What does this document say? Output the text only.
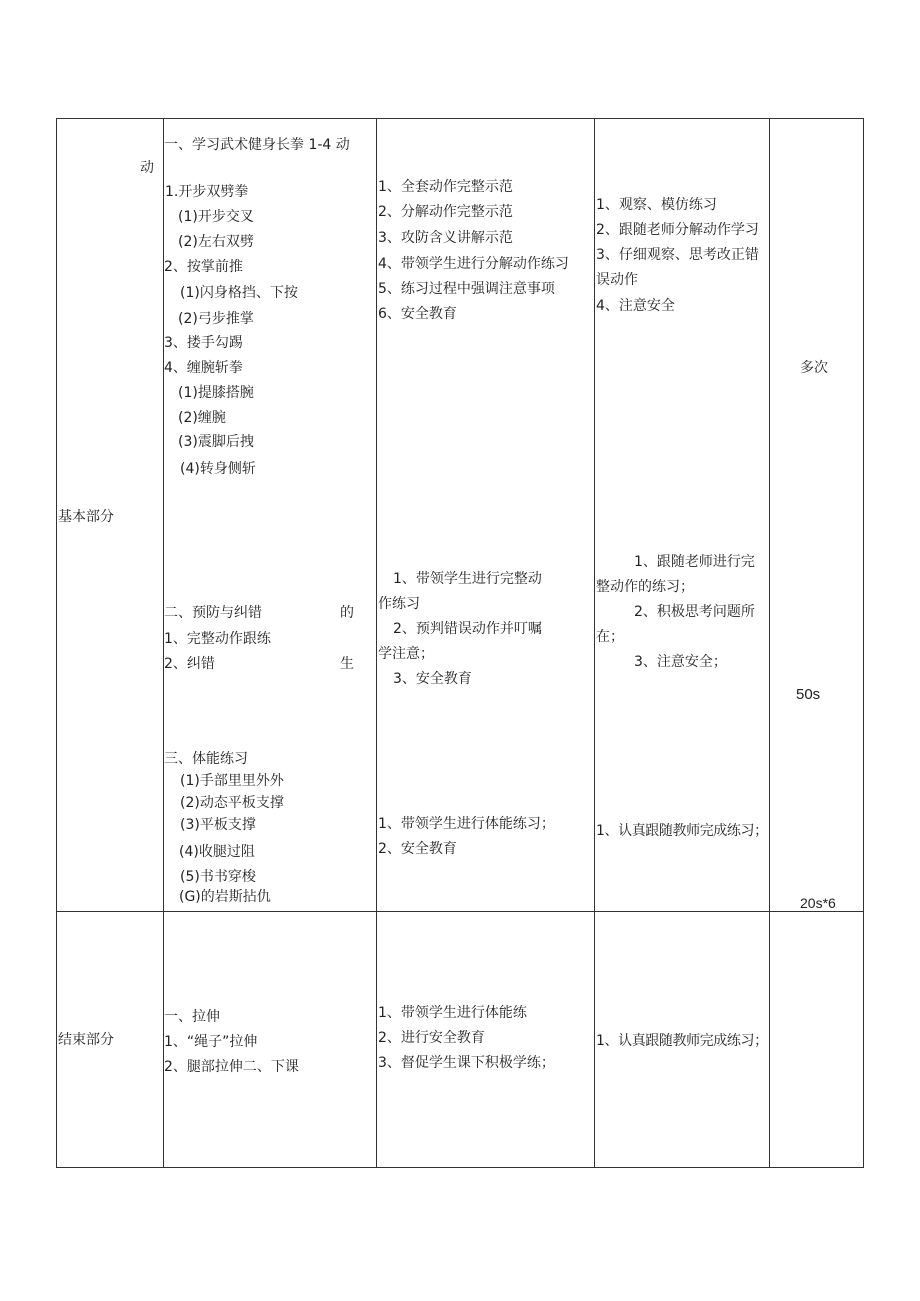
基本部分
一、学习武术健身长拳 1-4 动
动
1.开步双劈拳
(1)开步交叉
(2)左右双劈
2、按掌前推
(1)闪身格挡、下按
(2)弓步推掌
3、搂手勾踢
4、缠腕斩拳
(1)提膝搭腕
(2)缠腕
(3)震脚后拽
(4)转身侧斩
二、预防与纠错	的
1、完整动作跟练
2、纠错	生
三、体能练习
(1)手部里里外外
(2)动态平板支撑
(3)平板支撑
(4)收腿过阻
(5)书书穿梭
(G)的岩斯拈仇
1、全套动作完整示范
2、分解动作完整示范
3、攻防含义讲解示范
4、带领学生进行分解动作练习
5、练习过程中强调注意事项
6、安全教育
1、带领学生进行完整动
作练习
2、预判错误动作并叮嘱
学注意；
3、安全教育
1、带领学生进行体能练习；
2、安全教育
1、观察、模仿练习
2、跟随老师分解动作学习
3、仔细观察、思考改正错
误动作
4、注意安全
1、跟随老师进行完
整动作的练习；
2、积极思考问题所
在；
3、注意安全；
1、认真跟随教师完成练习；
多次
50s
20s*6
结束部分
一、拉伸
1、“绳子”拉伸
2、腿部拉伸二、下课
1、带领学生进行体能练
2、进行安全教育
3、督促学生课下积极学练；
1、认真跟随教师完成练习；
